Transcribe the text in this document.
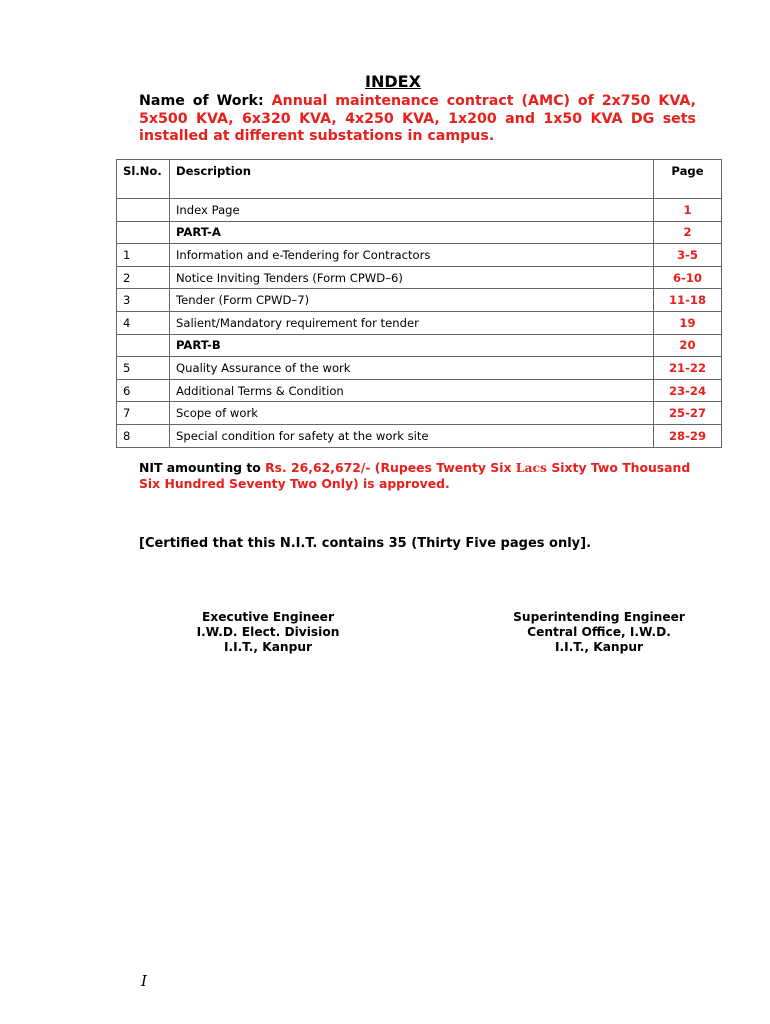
INDEX
Name of Work: Annual maintenance contract (AMC) of 2x750 KVA, 5x500 KVA, 6x320 KVA, 4x250 KVA, 1x200 and 1x50 KVA DG sets installed at different substations in campus.
Sl.No.	Description	Page
	Index Page	1
	PART-A	2
1	Information and e-Tendering for Contractors	3-5
2	Notice Inviting Tenders (Form CPWD–6)	6-10
3	Tender (Form CPWD–7)	11-18
4	Salient/Mandatory requirement for tender	19
	PART-B	20
5	Quality Assurance of the work	21-22
6	Additional Terms & Condition	23-24
7	Scope of work	25-27
8	Special condition for safety at the work site	28-29
NIT amounting to Rs. 26,62,672/- (Rupees Twenty Six Lacs Sixty Two Thousand Six Hundred Seventy Two Only) is approved.
[Certified that this N.I.T. contains 35 (Thirty Five pages only].
Executive Engineer
I.W.D. Elect. Division
I.I.T., Kanpur
Superintending Engineer
Central Office, I.W.D.
I.I.T., Kanpur
I
